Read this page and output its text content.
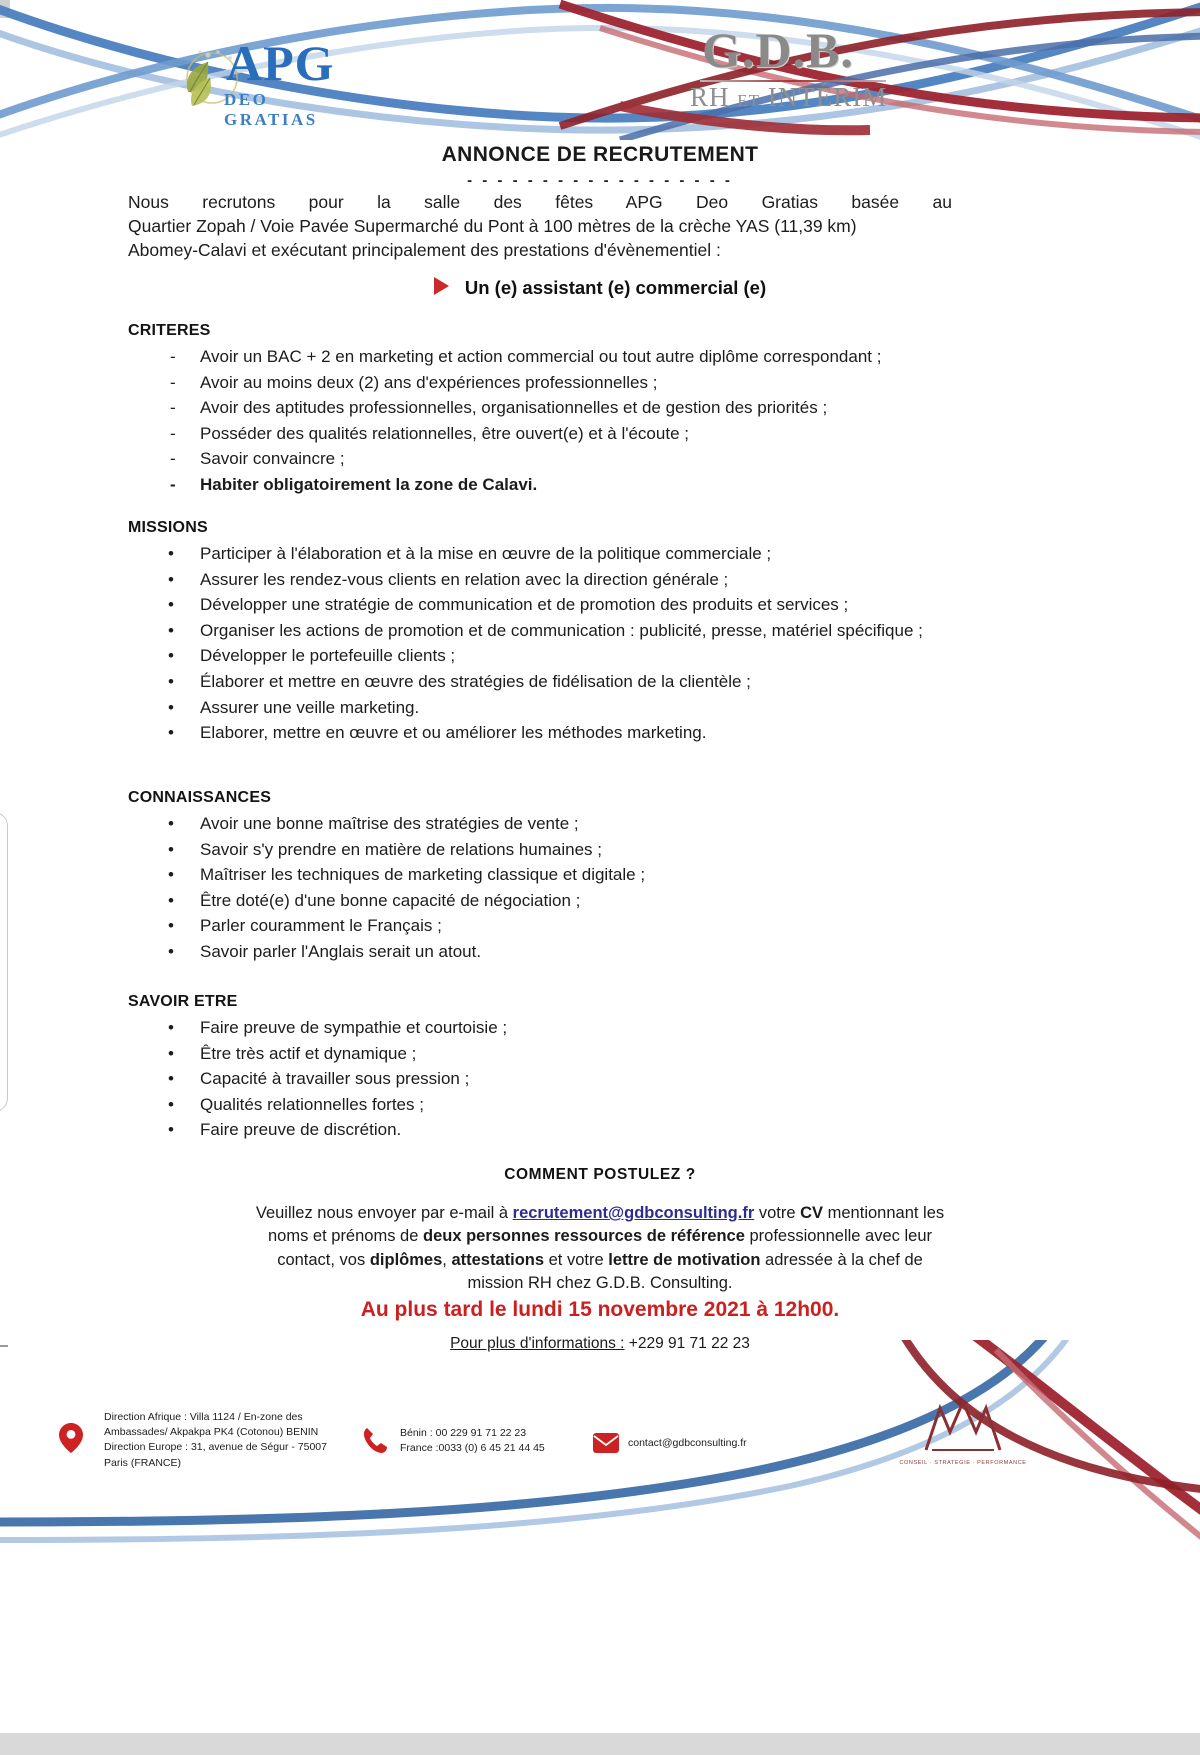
APG
DEO GRATIAS
G.D.B.
RH ET INTÉRIM
ANNONCE DE RECRUTEMENT
- - - - - - - - - - - - - - - - - -
Nous recrutons pour la salle des fêtes APG Deo Gratias basée au
Quartier Zopah / Voie Pavée Supermarché du Pont à 100 mètres de la crèche YAS (11,39 km)
Abomey-Calavi et exécutant principalement des prestations d'évènementiel :
Un (e) assistant (e) commercial (e)
CRITERES
- Avoir un BAC + 2 en marketing et action commercial ou tout autre diplôme correspondant ;
- Avoir au moins deux (2) ans d'expériences professionnelles ;
- Avoir des aptitudes professionnelles, organisationnelles et de gestion des priorités ;
- Posséder des qualités relationnelles, être ouvert(e) et à l'écoute ;
- Savoir convaincre ;
- Habiter obligatoirement la zone de Calavi.
MISSIONS
• Participer à l'élaboration et à la mise en œuvre de la politique commerciale ;
• Assurer les rendez-vous clients en relation avec la direction générale ;
• Développer une stratégie de communication et de promotion des produits et services ;
• Organiser les actions de promotion et de communication : publicité, presse, matériel spécifique ;
• Développer le portefeuille clients ;
• Élaborer et mettre en œuvre des stratégies de fidélisation de la clientèle ;
• Assurer une veille marketing.
• Elaborer, mettre en œuvre et ou améliorer les méthodes marketing.
CONNAISSANCES
• Avoir une bonne maîtrise des stratégies de vente ;
• Savoir s'y prendre en matière de relations humaines ;
• Maîtriser les techniques de marketing classique et digitale ;
• Être doté(e) d'une bonne capacité de négociation ;
• Parler couramment le Français ;
• Savoir parler l'Anglais serait un atout.
SAVOIR ETRE
• Faire preuve de sympathie et courtoisie ;
• Être très actif et dynamique ;
• Capacité à travailler sous pression ;
• Qualités relationnelles fortes ;
• Faire preuve de discrétion.
COMMENT POSTULEZ ?
Veuillez nous envoyer par e-mail à recrutement@gdbconsulting.fr votre CV mentionnant les noms et prénoms de deux personnes ressources de référence professionnelle avec leur contact, vos diplômes, attestations et votre lettre de motivation adressée à la chef de mission RH chez G.D.B. Consulting.
Au plus tard le lundi 15 novembre 2021 à 12h00.
Pour plus d'informations : +229 91 71 22 23
Direction Afrique : Villa 1124 / En-zone des
Ambassades/ Akpakpa PK4 (Cotonou) BENIN
Direction Europe : 31, avenue de Ségur - 75007
Paris (FRANCE)
Bénin : 00 229 91 71 22 23
France :0033 (0) 6 45 21 44 45	contact@gdbconsulting.fr
CONSEIL · STRATEGIE · PERFORMANCE
